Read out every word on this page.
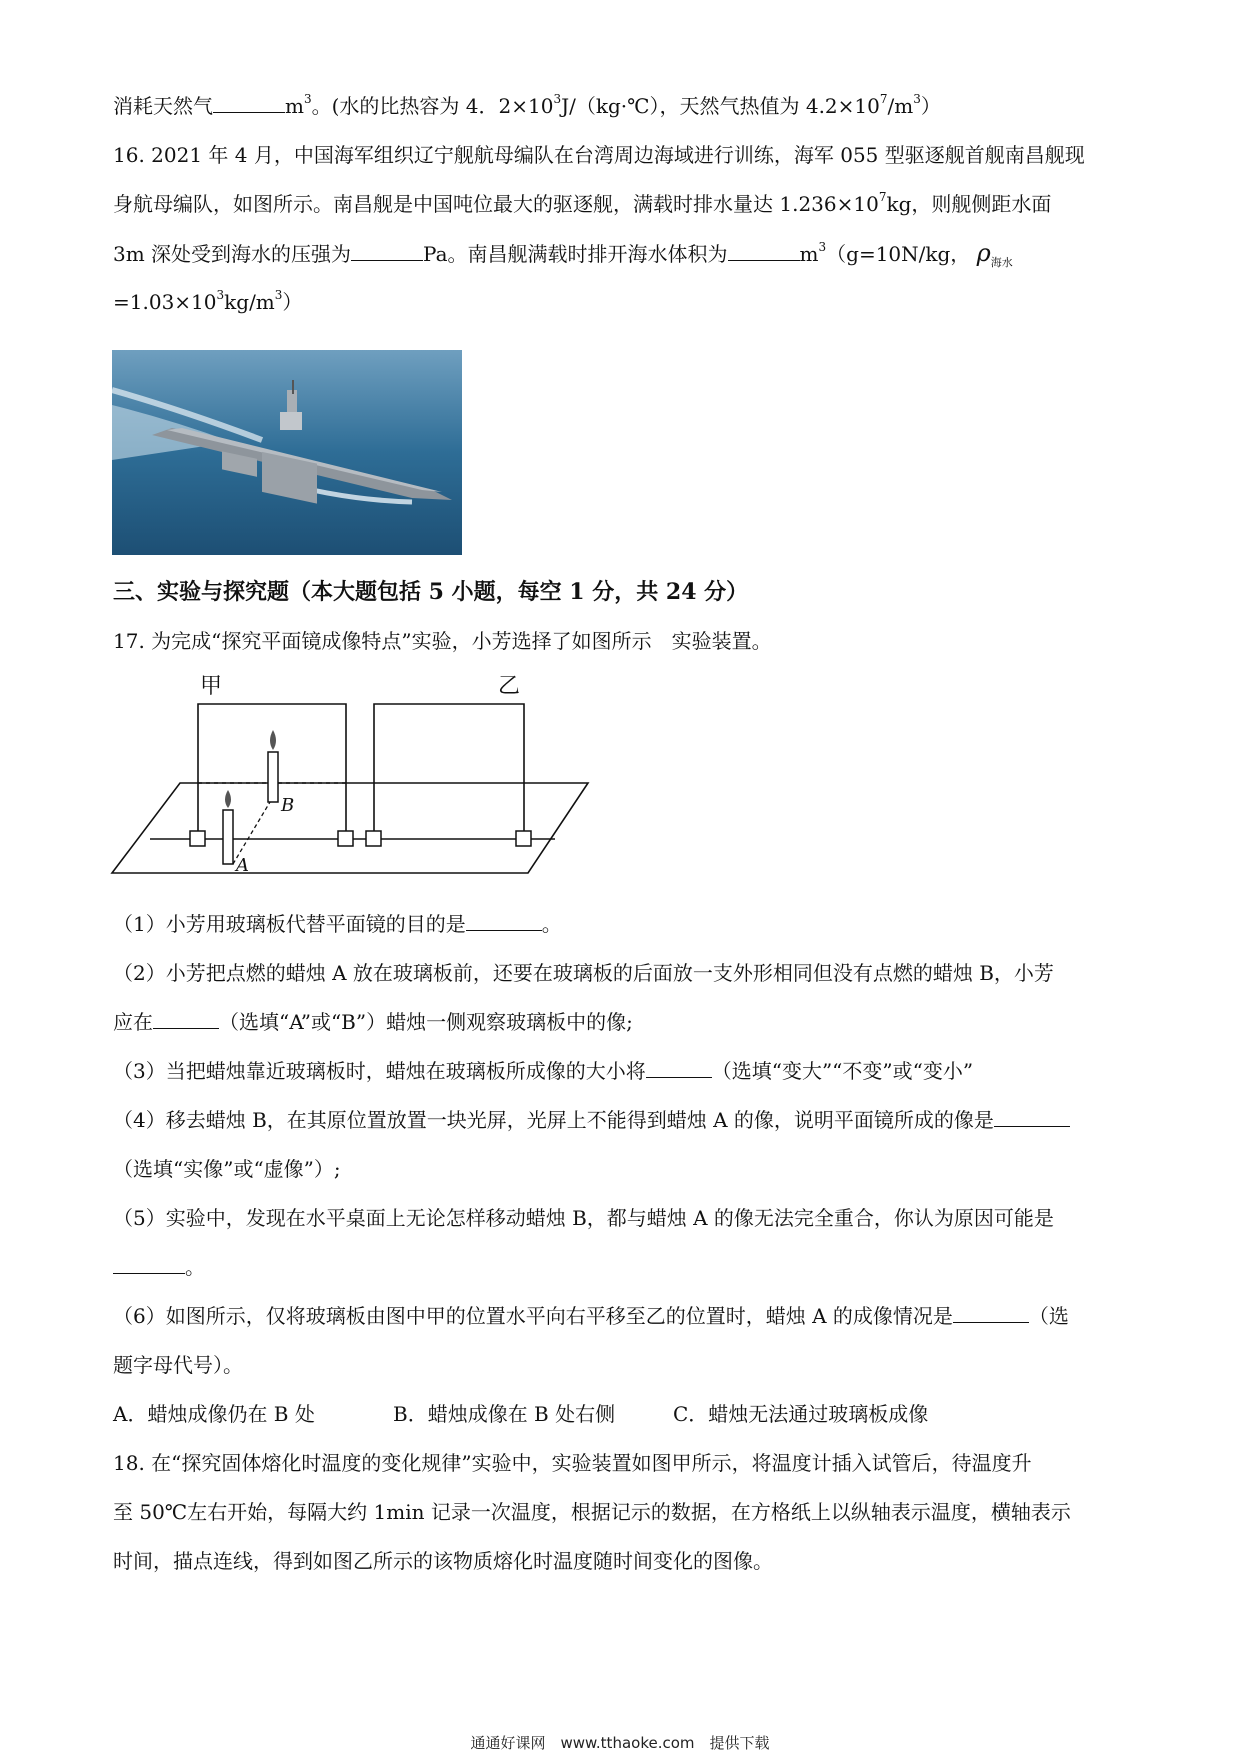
消耗天然气	$m^3$。(水的比热容为 4．$2\times 10^3J/(kg\cdot℃)$，天然气热值为 $4.2\times 10^7/m^3$）
16. 2021 年 4 月，中国海军组织辽宁舰航母编队在台湾周边海域进行训练，海军 055 型驱逐舰首舰南昌舰现
身航母编队，如图所示。南昌舰是中国吨位最大的驱逐舰，满载时排水量达 $1.236\times 10^7kg$，则舰侧距水面
3m 深处受到海水的压强为	Pa。南昌舰满载时排开海水体积为	$m^3(g=10N/kg$， $\rho_{海水}$
$=1.03\times 10^3kg/m^3$）
三、实验与探究题（本大题包括 5 小题，每空 1 分，共 24 分）
17. 为完成“探究平面镜成像特点”实验，小芳选择了如图所示　实验装置。
甲	乙
A
B
（1）小芳用玻璃板代替平面镜的目的是	。
（2）小芳把点燃的蜡烛 A 放在玻璃板前，还要在玻璃板的后面放一支外形相同但没有点燃的蜡烛 B，小芳
应在	（选填“A”或“B”）蜡烛一侧观察玻璃板中的像;
（3）当把蜡烛靠近玻璃板时，蜡烛在玻璃板所成像的大小将	（选填“变大”“不变”或“变小”
（4）移去蜡烛 B，在其原位置放置一块光屏，光屏上不能得到蜡烛 A 的像，说明平面镜所成的像是
（选填“实像”或“虚像”）;
（5）实验中，发现在水平桌面上无论怎样移动蜡烛 B，都与蜡烛 A 的像无法完全重合，你认为原因可能是
。
（6）如图所示，仅将玻璃板由图中甲的位置水平向右平移至乙的位置时，蜡烛 A 的成像情况是	（选
题字母代号）。
A．蜡烛成像仍在 B 处	B．蜡烛成像在 B 处右侧	C．蜡烛无法通过玻璃板成像
18. 在“探究固体熔化时温度的变化规律”实验中，实验装置如图甲所示，将温度计插入试管后，待温度升
至 50℃左右开始，每隔大约 1min 记录一次温度，根据记示的数据，在方格纸上以纵轴表示温度，横轴表示
时间，描点连线，得到如图乙所示的该物质熔化时温度随时间变化的图像。
通通好课网　www.tthaoke.com　提供下载
